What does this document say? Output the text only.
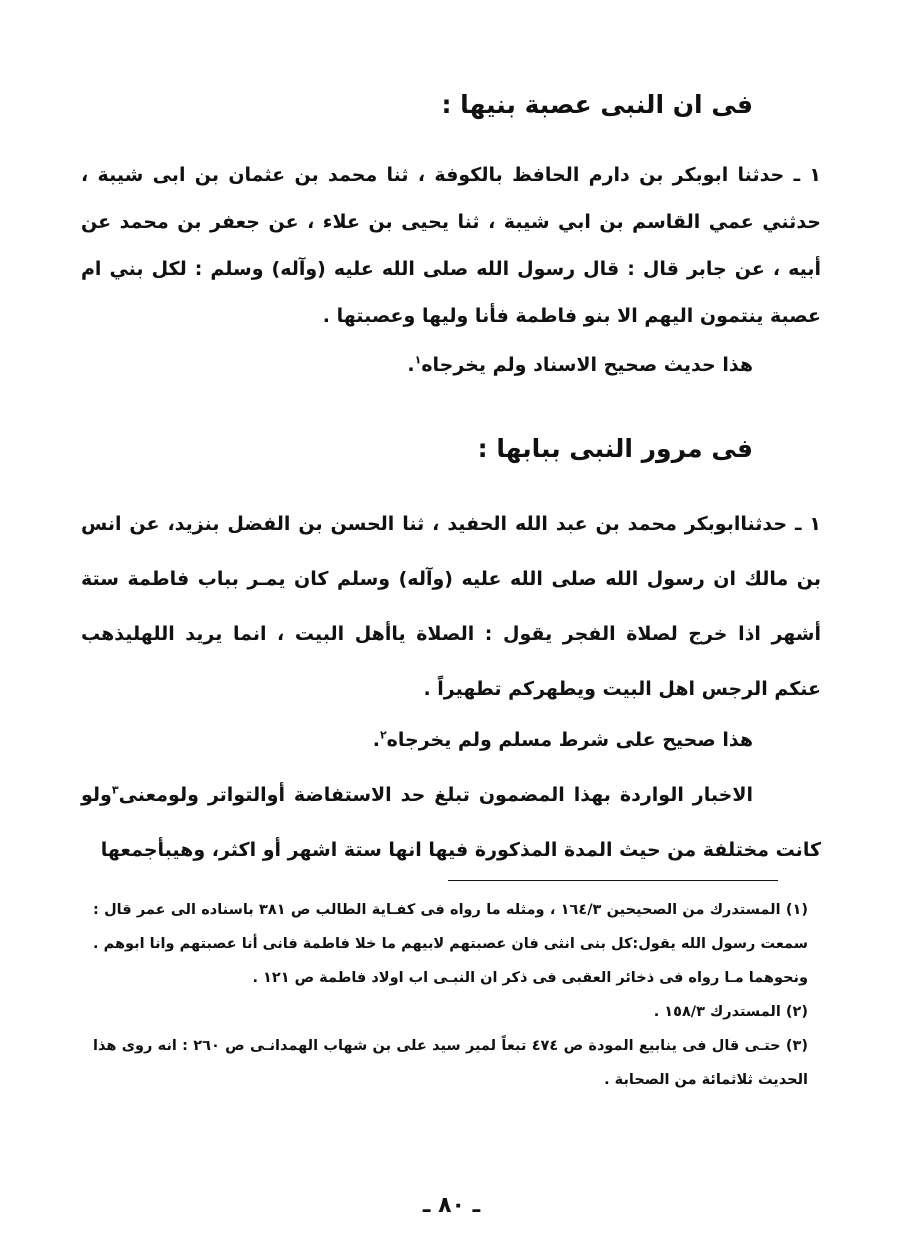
فى ان النبى عصبة بنيها :
١ ـ حدثنا ابوبكر بن دارم الحافظ بالكوفة ، ثنا محمد بن عثمان بن ابى شيبة ، حدثني عمي القاسم بن ابي شيبة ، ثنا يحيى بن علاء ، عن جعفر بن محمد عن أبيه ، عن جابر قال : قال رسول الله صلى الله عليه (وآله) وسلم : لكل بني ام عصبة ينتمون اليهم الا بنو فاطمة فأنا وليها وعصبتها .
هذا حديث صحيح الاسناد ولم يخرجاه$^١$.
فى مرور النبى ببابها :
١ ـ حدثناابوبكر محمد بن عبد الله الحفيد ، ثنا الحسن بن الفضل بنزيد، عن انس بن مالك ان رسول الله صلى الله عليه (وآله) وسلم كان يمـر بباب فاطمة ستة أشهر اذا خرج لصلاة الفجر يقول : الصلاة ياأهل البيت ، انما يريد اللهليذهب عنكم الرجس اهل البيت ويطهركم تطهيراً .
هذا صحيح على شرط مسلم ولم يخرجاه$^٢$.
الاخبار الواردة بهذا المضمون تبلغ حد الاستفاضة أوالتواتر ولومعنى$^٣$ولو كانت مختلفة من حيث المدة المذكورة فيها انها ستة اشهر أو اكثر، وهيبأجمعها
(١) المستدرك من الصحيحين ١٦٤/٣ ، ومثله ما رواه فى كفـاية الطالب ص ٣٨١ باسناده الى عمر قال : سمعت رسول الله يقول:كل بنى انثى فان عصبتهم لابيهم ما خلا فاطمة فانى أنا عصبتهم وانا ابوهم . ونحوهما مـا رواه فى ذخائر العقبى فى ذكر ان النبـى اب اولاد فاطمة ص ١٢١ .
(٢) المستدرك ١٥٨/٣ .
(٣) حتـى قال فى ينابيع المودة ص ٤٧٤ تبعاً لمير سيد على بن شهاب الهمدانـى ص ٢٦٠ : انه روى هذا الحديث ثلاثمائة من الصحابة .
ـ ٨٠ ـ
